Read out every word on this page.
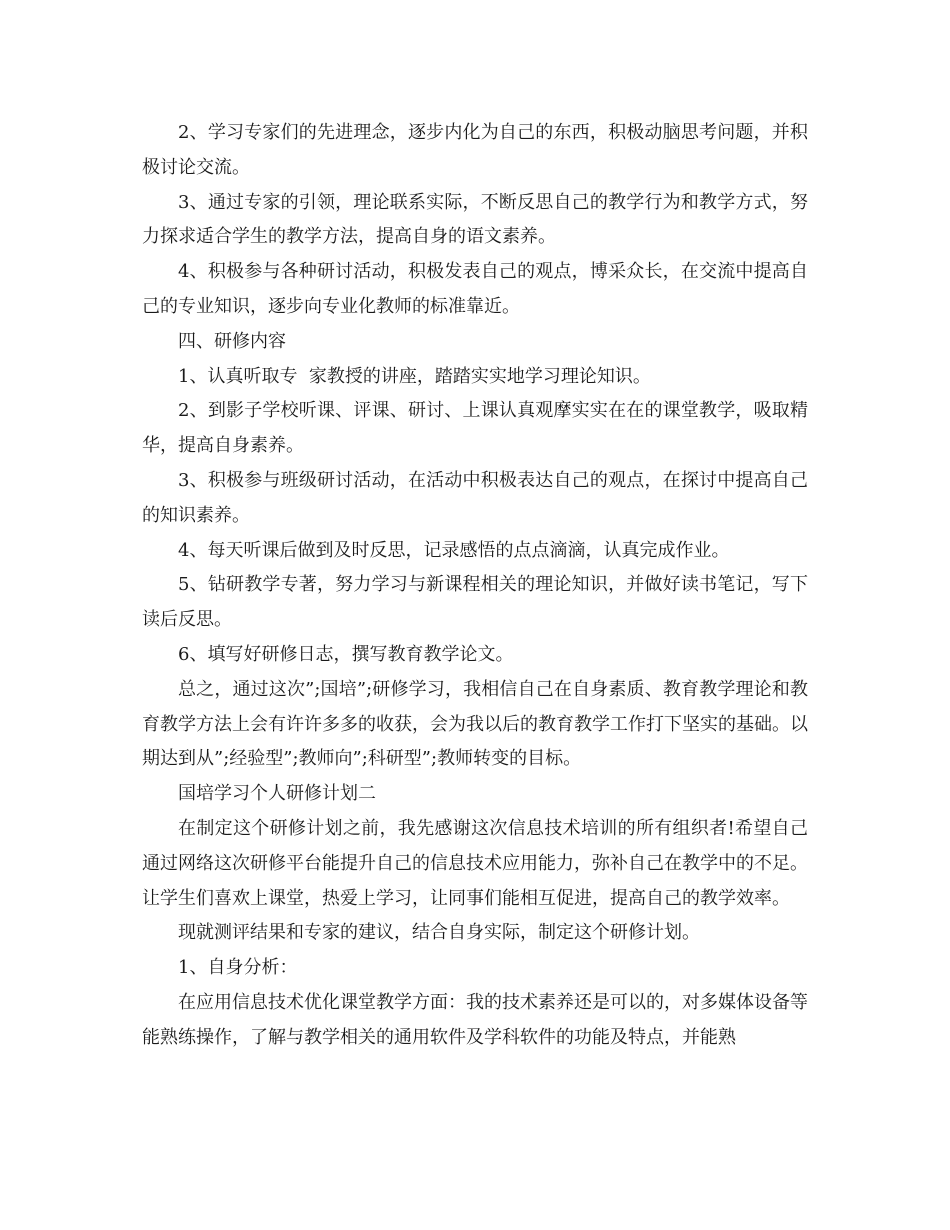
2、学习专家们的先进理念，逐步内化为自己的东西，积极动脑思考问题，并积极讨论交流。

3、通过专家的引领，理论联系实际，不断反思自己的教学行为和教学方式，努力探求适合学生的教学方法，提高自身的语文素养。

4、积极参与各种研讨活动，积极发表自己的观点，博采众长，在交流中提高自己的专业知识，逐步向专业化教师的标准靠近。

四、研修内容

1、认真听取专  家教授的讲座，踏踏实实地学习理论知识。

2、到影子学校听课、评课、研讨、上课认真观摩实实在在的课堂教学，吸取精华，提高自身素养。

3、积极参与班级研讨活动，在活动中积极表达自己的观点，在探讨中提高自己的知识素养。

4、每天听课后做到及时反思，记录感悟的点点滴滴，认真完成作业。

5、钻研教学专著，努力学习与新课程相关的理论知识，并做好读书笔记，写下读后反思。

6、填写好研修日志，撰写教育教学论文。

总之，通过这次”;国培”;研修学习，我相信自己在自身素质、教育教学理论和教育教学方法上会有许许多多的收获，会为我以后的教育教学工作打下坚实的基础。以期达到从”;经验型”;教师向”;科研型”;教师转变的目标。

国培学习个人研修计划二

在制定这个研修计划之前，我先感谢这次信息技术培训的所有组织者!希望自己通过网络这次研修平台能提升自己的信息技术应用能力，弥补自己在教学中的不足。让学生们喜欢上课堂，热爱上学习，让同事们能相互促进，提高自己的教学效率。

现就测评结果和专家的建议，结合自身实际，制定这个研修计划。

1、自身分析：

在应用信息技术优化课堂教学方面：我的技术素养还是可以的，对多媒体设备等能熟练操作，了解与教学相关的通用软件及学科软件的功能及特点，并能熟
